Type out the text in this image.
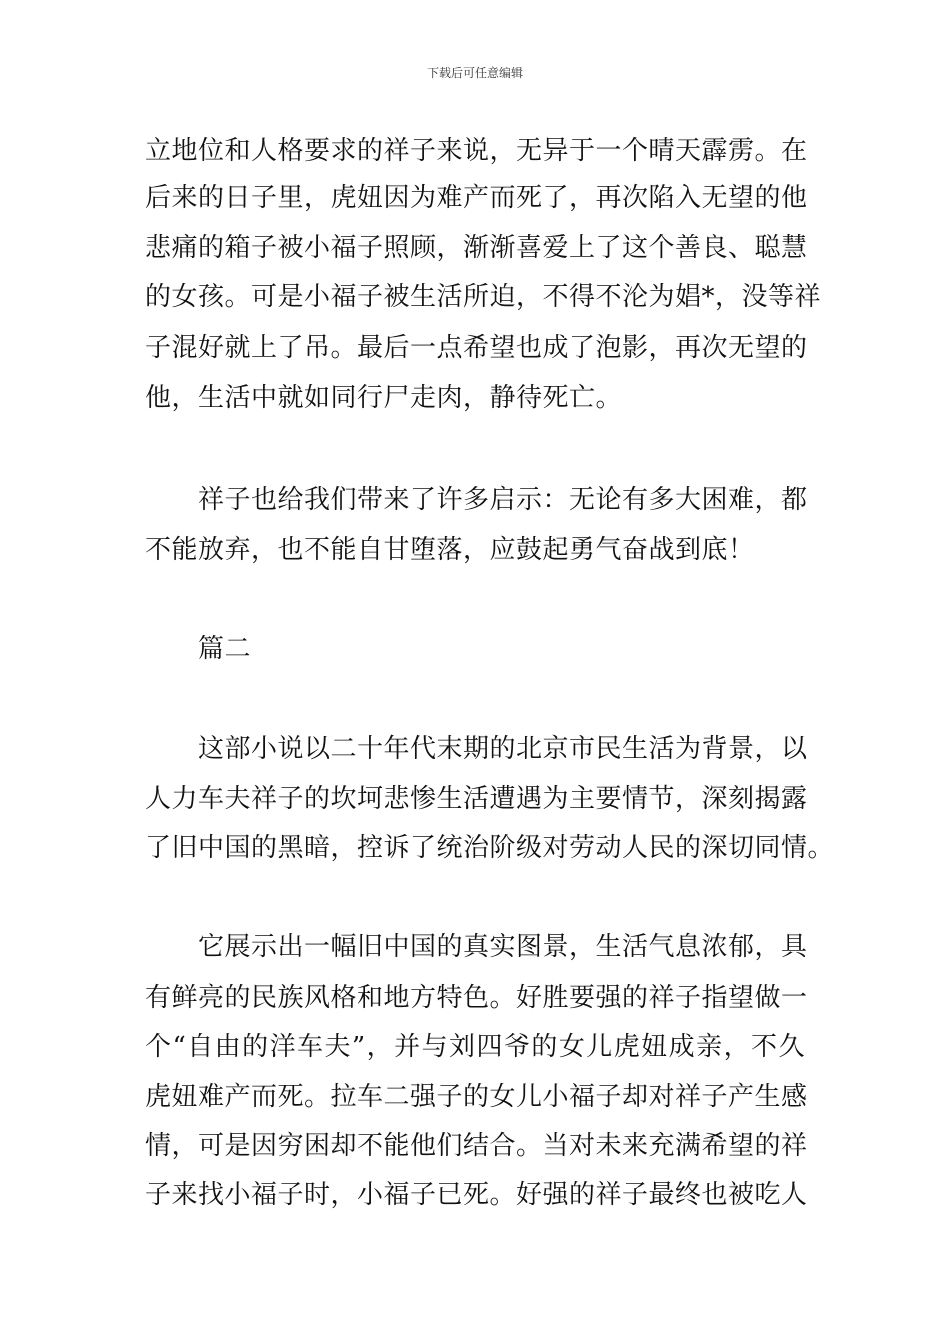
下载后可任意编辑
立地位和人格要求的祥子来说，无异于一个晴天霹雳。在
后来的日子里，虎妞因为难产而死了，再次陷入无望的他
悲痛的箱子被小福子照顾，渐渐喜爱上了这个善良、聪慧
的女孩。可是小福子被生活所迫，不得不沦为娼*，没等祥
子混好就上了吊。最后一点希望也成了泡影，再次无望的
他，生活中就如同行尸走肉，静待死亡。
祥子也给我们带来了许多启示：无论有多大困难，都
不能放弃，也不能自甘堕落，应鼓起勇气奋战到底！
篇二
这部小说以二十年代末期的北京市民生活为背景，以
人力车夫祥子的坎坷悲惨生活遭遇为主要情节，深刻揭露
了旧中国的黑暗，控诉了统治阶级对劳动人民的深切同情。
它展示出一幅旧中国的真实图景，生活气息浓郁，具
有鲜亮的民族风格和地方特色。好胜要强的祥子指望做一
个“自由的洋车夫”，并与刘四爷的女儿虎妞成亲，不久
虎妞难产而死。拉车二强子的女儿小福子却对祥子产生感
情，可是因穷困却不能他们结合。当对未来充满希望的祥
子来找小福子时，小福子已死。好强的祥子最终也被吃人
